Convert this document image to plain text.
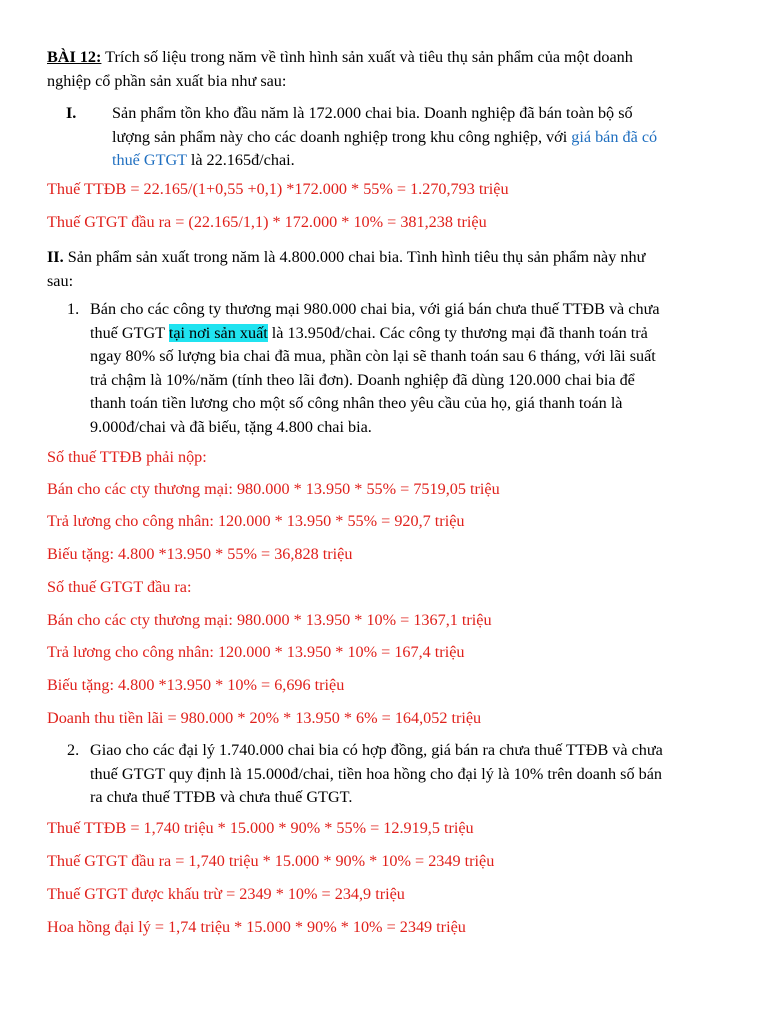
BÀI 12: Trích số liệu trong năm về tình hình sản xuất và tiêu thụ sản phẩm của một doanh
nghiệp cổ phần sản xuất bia như sau:
I. Sản phẩm tồn kho đầu năm là 172.000 chai bia. Doanh nghiệp đã bán toàn bộ số
lượng sản phẩm này cho các doanh nghiệp trong khu công nghiệp, với giá bán đã có
thuế GTGT là 22.165đ/chai.
Thuế TTĐB = 22.165/(1+0,55 +0,1) *172.000 * 55% = 1.270,793 triệu
Thuế GTGT đầu ra = (22.165/1,1) * 172.000 * 10% = 381,238 triệu
II. Sản phẩm sản xuất trong năm là 4.800.000 chai bia. Tình hình tiêu thụ sản phẩm này như
sau:
1. Bán cho các công ty thương mại 980.000 chai bia, với giá bán chưa thuế TTĐB và chưa
thuế GTGT tại nơi sản xuất là 13.950đ/chai. Các công ty thương mại đã thanh toán trả
ngay 80% số lượng bia chai đã mua, phần còn lại sẽ thanh toán sau 6 tháng, với lãi suất
trả chậm là 10%/năm (tính theo lãi đơn). Doanh nghiệp đã dùng 120.000 chai bia để
thanh toán tiền lương cho một số công nhân theo yêu cầu của họ, giá thanh toán là
9.000đ/chai và đã biếu, tặng 4.800 chai bia.
Số thuế TTĐB phải nộp:
Bán cho các cty thương mại: 980.000 * 13.950 * 55% = 7519,05 triệu
Trả lương cho công nhân: 120.000 * 13.950 * 55% = 920,7 triệu
Biếu tặng: 4.800 *13.950 * 55% = 36,828 triệu
Số thuế GTGT đầu ra:
Bán cho các cty thương mại: 980.000 * 13.950 * 10% = 1367,1 triệu
Trả lương cho công nhân: 120.000 * 13.950 * 10% = 167,4 triệu
Biếu tặng: 4.800 *13.950 * 10% = 6,696 triệu
Doanh thu tiền lãi = 980.000 * 20% * 13.950 * 6% = 164,052 triệu
2. Giao cho các đại lý 1.740.000 chai bia có hợp đồng, giá bán ra chưa thuế TTĐB và chưa
thuế GTGT quy định là 15.000đ/chai, tiền hoa hồng cho đại lý là 10% trên doanh số bán
ra chưa thuế TTĐB và chưa thuế GTGT.
Thuế TTĐB = 1,740 triệu * 15.000 * 90% * 55% = 12.919,5 triệu
Thuế GTGT đầu ra = 1,740 triệu * 15.000 * 90% * 10% = 2349 triệu
Thuế GTGT được khấu trừ = 2349 * 10% = 234,9 triệu
Hoa hồng đại lý = 1,74 triệu * 15.000 * 90% * 10% = 2349 triệu
